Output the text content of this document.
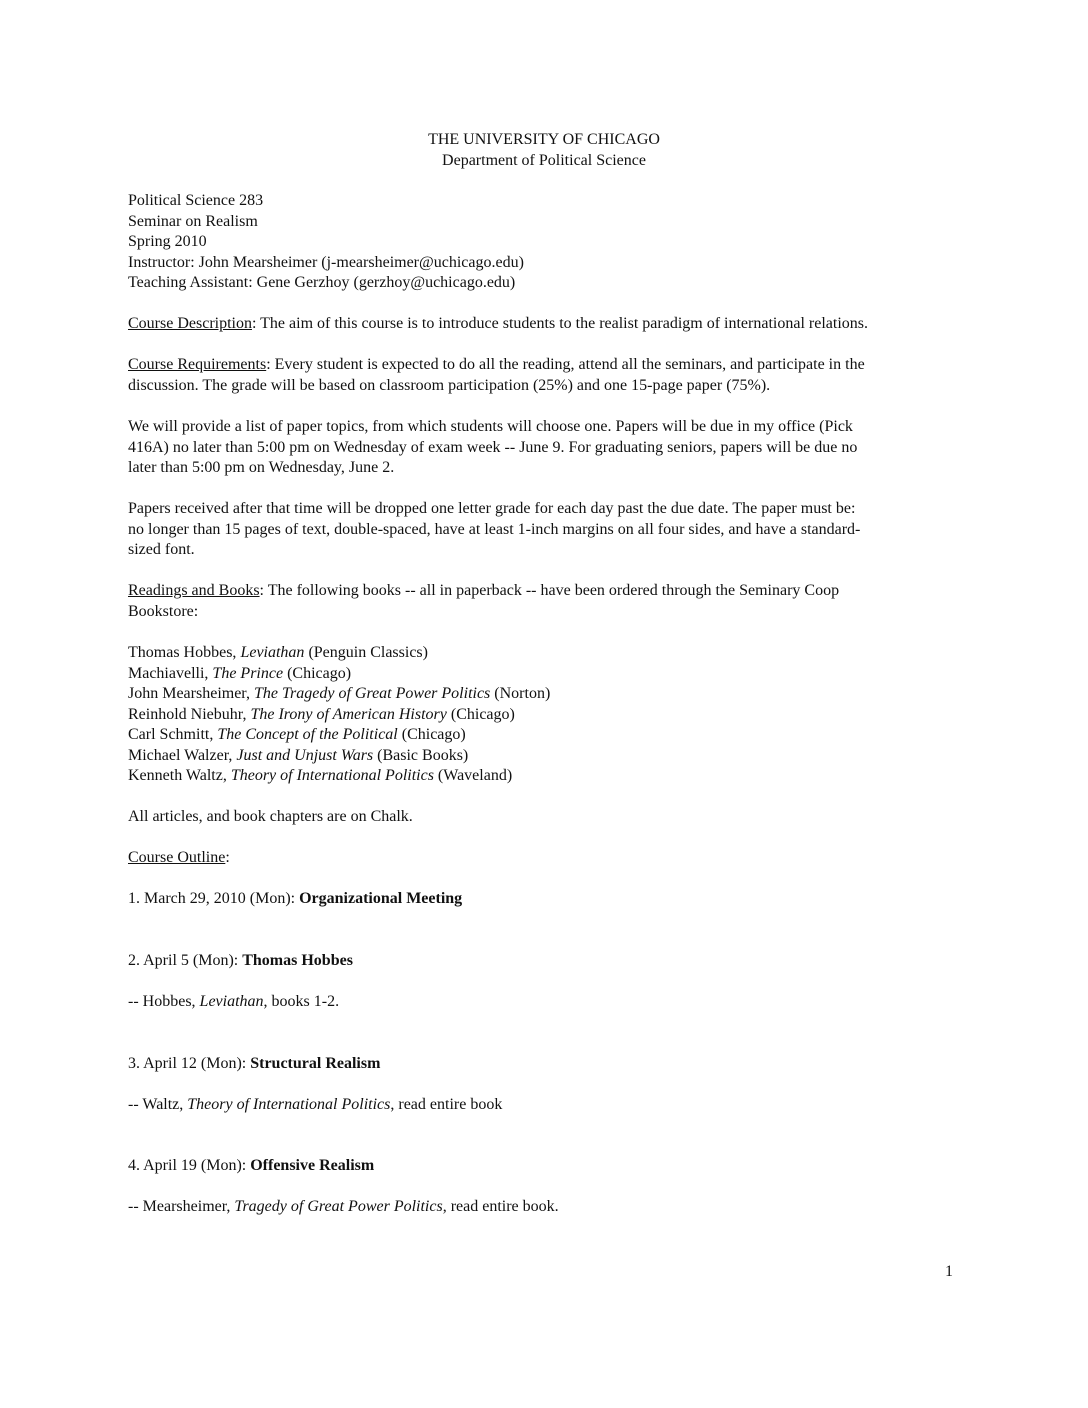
THE UNIVERSITY OF CHICAGO
Department of Political Science
Political Science 283
Seminar on Realism
Spring 2010
Instructor: John Mearsheimer (j-mearsheimer@uchicago.edu)
Teaching Assistant: Gene Gerzhoy (gerzhoy@uchicago.edu)
Course Description: The aim of this course is to introduce students to the realist paradigm of international relations.
Course Requirements: Every student is expected to do all the reading, attend all the seminars, and participate in the
discussion. The grade will be based on classroom participation (25%) and one 15-page paper (75%).
We will provide a list of paper topics, from which students will choose one. Papers will be due in my office (Pick
416A) no later than 5:00 pm on Wednesday of exam week -- June 9. For graduating seniors, papers will be due no
later than 5:00 pm on Wednesday, June 2.
Papers received after that time will be dropped one letter grade for each day past the due date. The paper must be:
no longer than 15 pages of text, double-spaced, have at least 1-inch margins on all four sides, and have a standard-
sized font.
Readings and Books: The following books -- all in paperback -- have been ordered through the Seminary Coop
Bookstore:
Thomas Hobbes, Leviathan (Penguin Classics)
Machiavelli, The Prince (Chicago)
John Mearsheimer, The Tragedy of Great Power Politics (Norton)
Reinhold Niebuhr, The Irony of American History (Chicago)
Carl Schmitt, The Concept of the Political (Chicago)
Michael Walzer, Just and Unjust Wars (Basic Books)
Kenneth Waltz, Theory of International Politics (Waveland)
All articles, and book chapters are on Chalk.
Course Outline:
1. March 29, 2010 (Mon): Organizational Meeting
2. April 5 (Mon): Thomas Hobbes
-- Hobbes, Leviathan, books 1-2.
3. April 12 (Mon): Structural Realism
-- Waltz, Theory of International Politics, read entire book
4. April 19 (Mon): Offensive Realism
-- Mearsheimer, Tragedy of Great Power Politics, read entire book.
1
